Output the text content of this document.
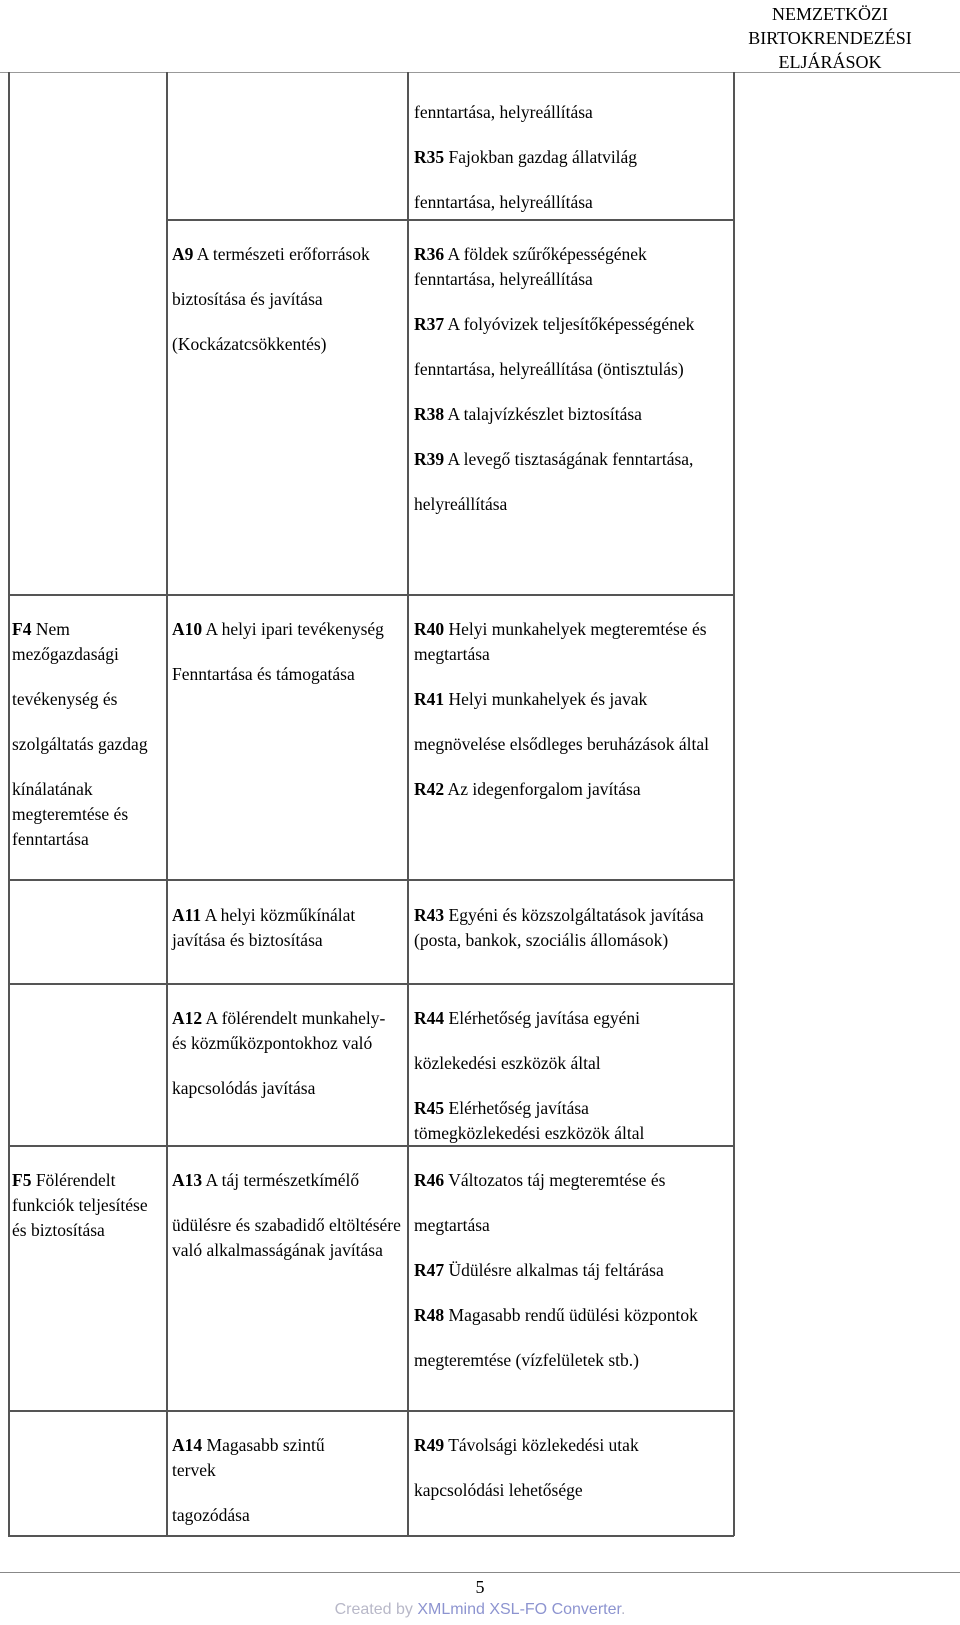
NEMZETKÖZI
BIRTOKRENDEZÉSI
ELJÁRÁSOK

fenntartása, helyreállítása

R35 Fajokban gazdag állatvilág

fenntartása, helyreállítása

A9 A természeti erőforrások

biztosítása és javítása

(Kockázatcsökkentés)

R36 A földek szűrőképességének fenntartása, helyreállítása

R37 A folyóvizek teljesítőképességének

fenntartása, helyreállítása (öntisztulás)

R38 A talajvízkészlet biztosítása

R39 A levegő tisztaságának fenntartása,

helyreállítása

F4 Nem mezőgazdasági

tevékenység és

szolgáltatás gazdag

kínálatának megteremtése és fenntartása

A10 A helyi ipari tevékenység

Fenntartása és támogatása

R40 Helyi munkahelyek megteremtése és megtartása

R41 Helyi munkahelyek és javak

megnövelése elsődleges beruházások által

R42 Az idegenforgalom javítása

A11 A helyi közműkínálat javítása és biztosítása

R43 Egyéni és közszolgáltatások javítása (posta, bankok, szociális állomások)

A12 A fölérendelt munkahely- és közműközpontokhoz való

kapcsolódás javítása

R44 Elérhetőség javítása egyéni

közlekedési eszközök által

R45 Elérhetőség javítása tömegközlekedési eszközök által

F5 Fölérendelt funkciók teljesítése és biztosítása

A13 A táj természetkímélő

üdülésre és szabadidő eltöltésére való alkalmasságának javítása

R46 Változatos táj megteremtése és

megtartása

R47 Üdülésre alkalmas táj feltárása

R48 Magasabb rendű üdülési központok

megteremtése (vízfelületek stb.)

A14 Magasabb szintű tervek

tagozódása

R49 Távolsági közlekedési utak

kapcsolódási lehetősége

5
Created by XMLmind XSL-FO Converter.
